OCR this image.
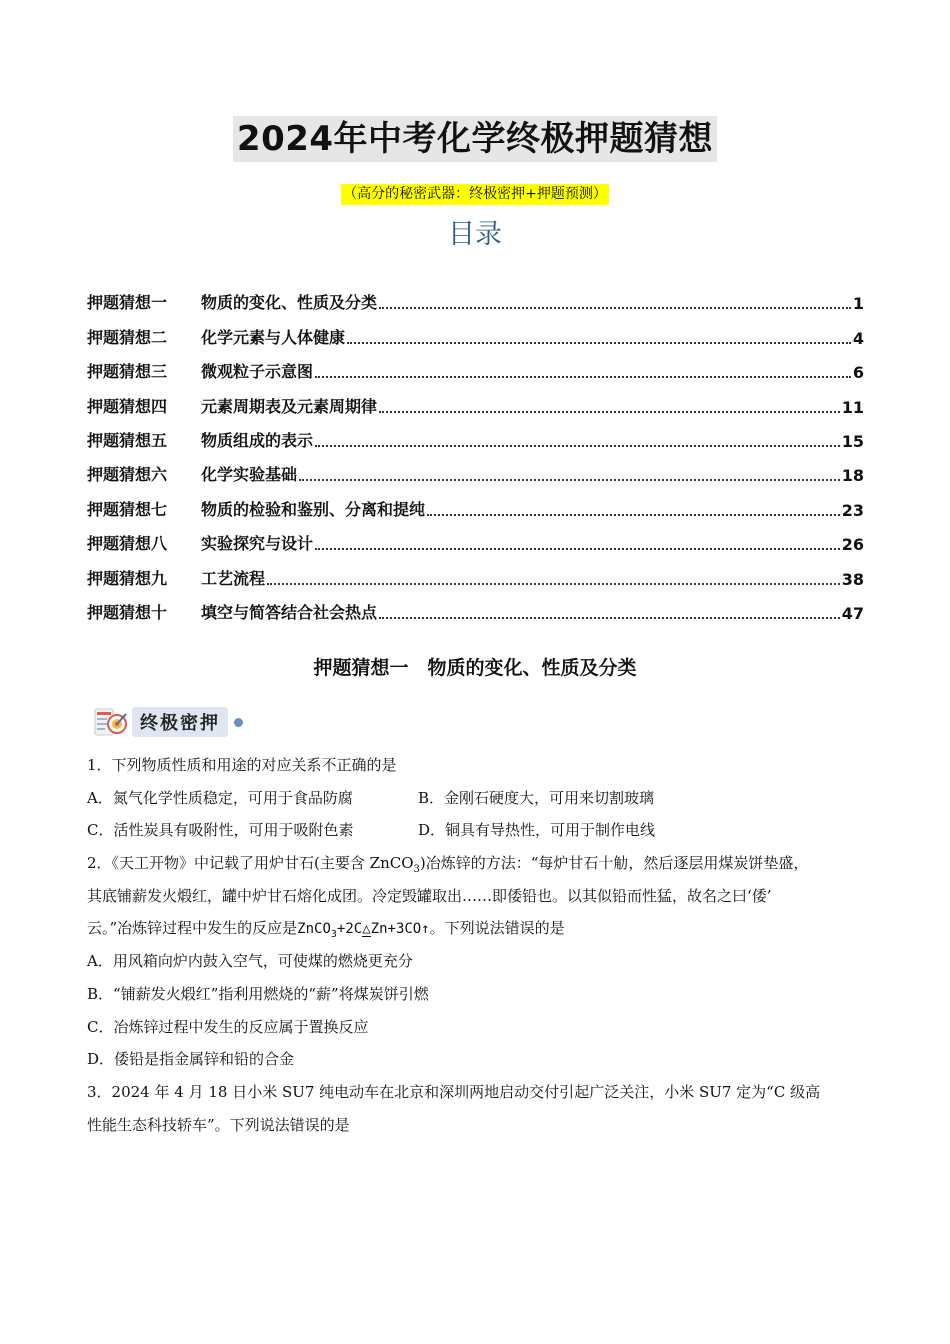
2024年中考化学终极押题猜想
（高分的秘密武器：终极密押+押题预测）
目录
押题猜想一	物质的变化、性质及分类	1
押题猜想二	化学元素与人体健康	4
押题猜想三	微观粒子示意图	6
押题猜想四	元素周期表及元素周期律	11
押题猜想五	物质组成的表示	15
押题猜想六	化学实验基础	18
押题猜想七	物质的检验和鉴别、分离和提纯	23
押题猜想八	实验探究与设计	26
押题猜想九	工艺流程	38
押题猜想十	填空与简答结合社会热点	47
押题猜想一　物质的变化、性质及分类
终极密押
1．下列物质性质和用途的对应关系不正确的是
A．氮气化学性质稳定，可用于食品防腐	B．金刚石硬度大，可用来切割玻璃
C．活性炭具有吸附性，可用于吸附色素	D．铜具有导热性，可用于制作电线
2．《天工开物》中记载了用炉甘石(主要含 ZnCO$_3$)冶炼锌的方法：“每炉甘石十觔，然后逐层用煤炭饼垫盛，
其底铺薪发火煅红，罐中炉甘石熔化成团。冷定毁罐取出……即倭铅也。以其似铅而性猛，故名之曰‘倭’
云。”冶炼锌过程中发生的反应是ZnCO$_3$+2C△Zn+3CO↑。下列说法错误的是
A．用风箱向炉内鼓入空气，可使煤的燃烧更充分
B．“铺薪发火煅红”指利用燃烧的“薪”将煤炭饼引燃
C．冶炼锌过程中发生的反应属于置换反应
D．倭铅是指金属锌和铅的合金
3．2024 年 4 月 18 日小米 SU7 纯电动车在北京和深圳两地启动交付引起广泛关注，小米 SU7 定为“C 级高
性能生态科技轿车”。下列说法错误的是
